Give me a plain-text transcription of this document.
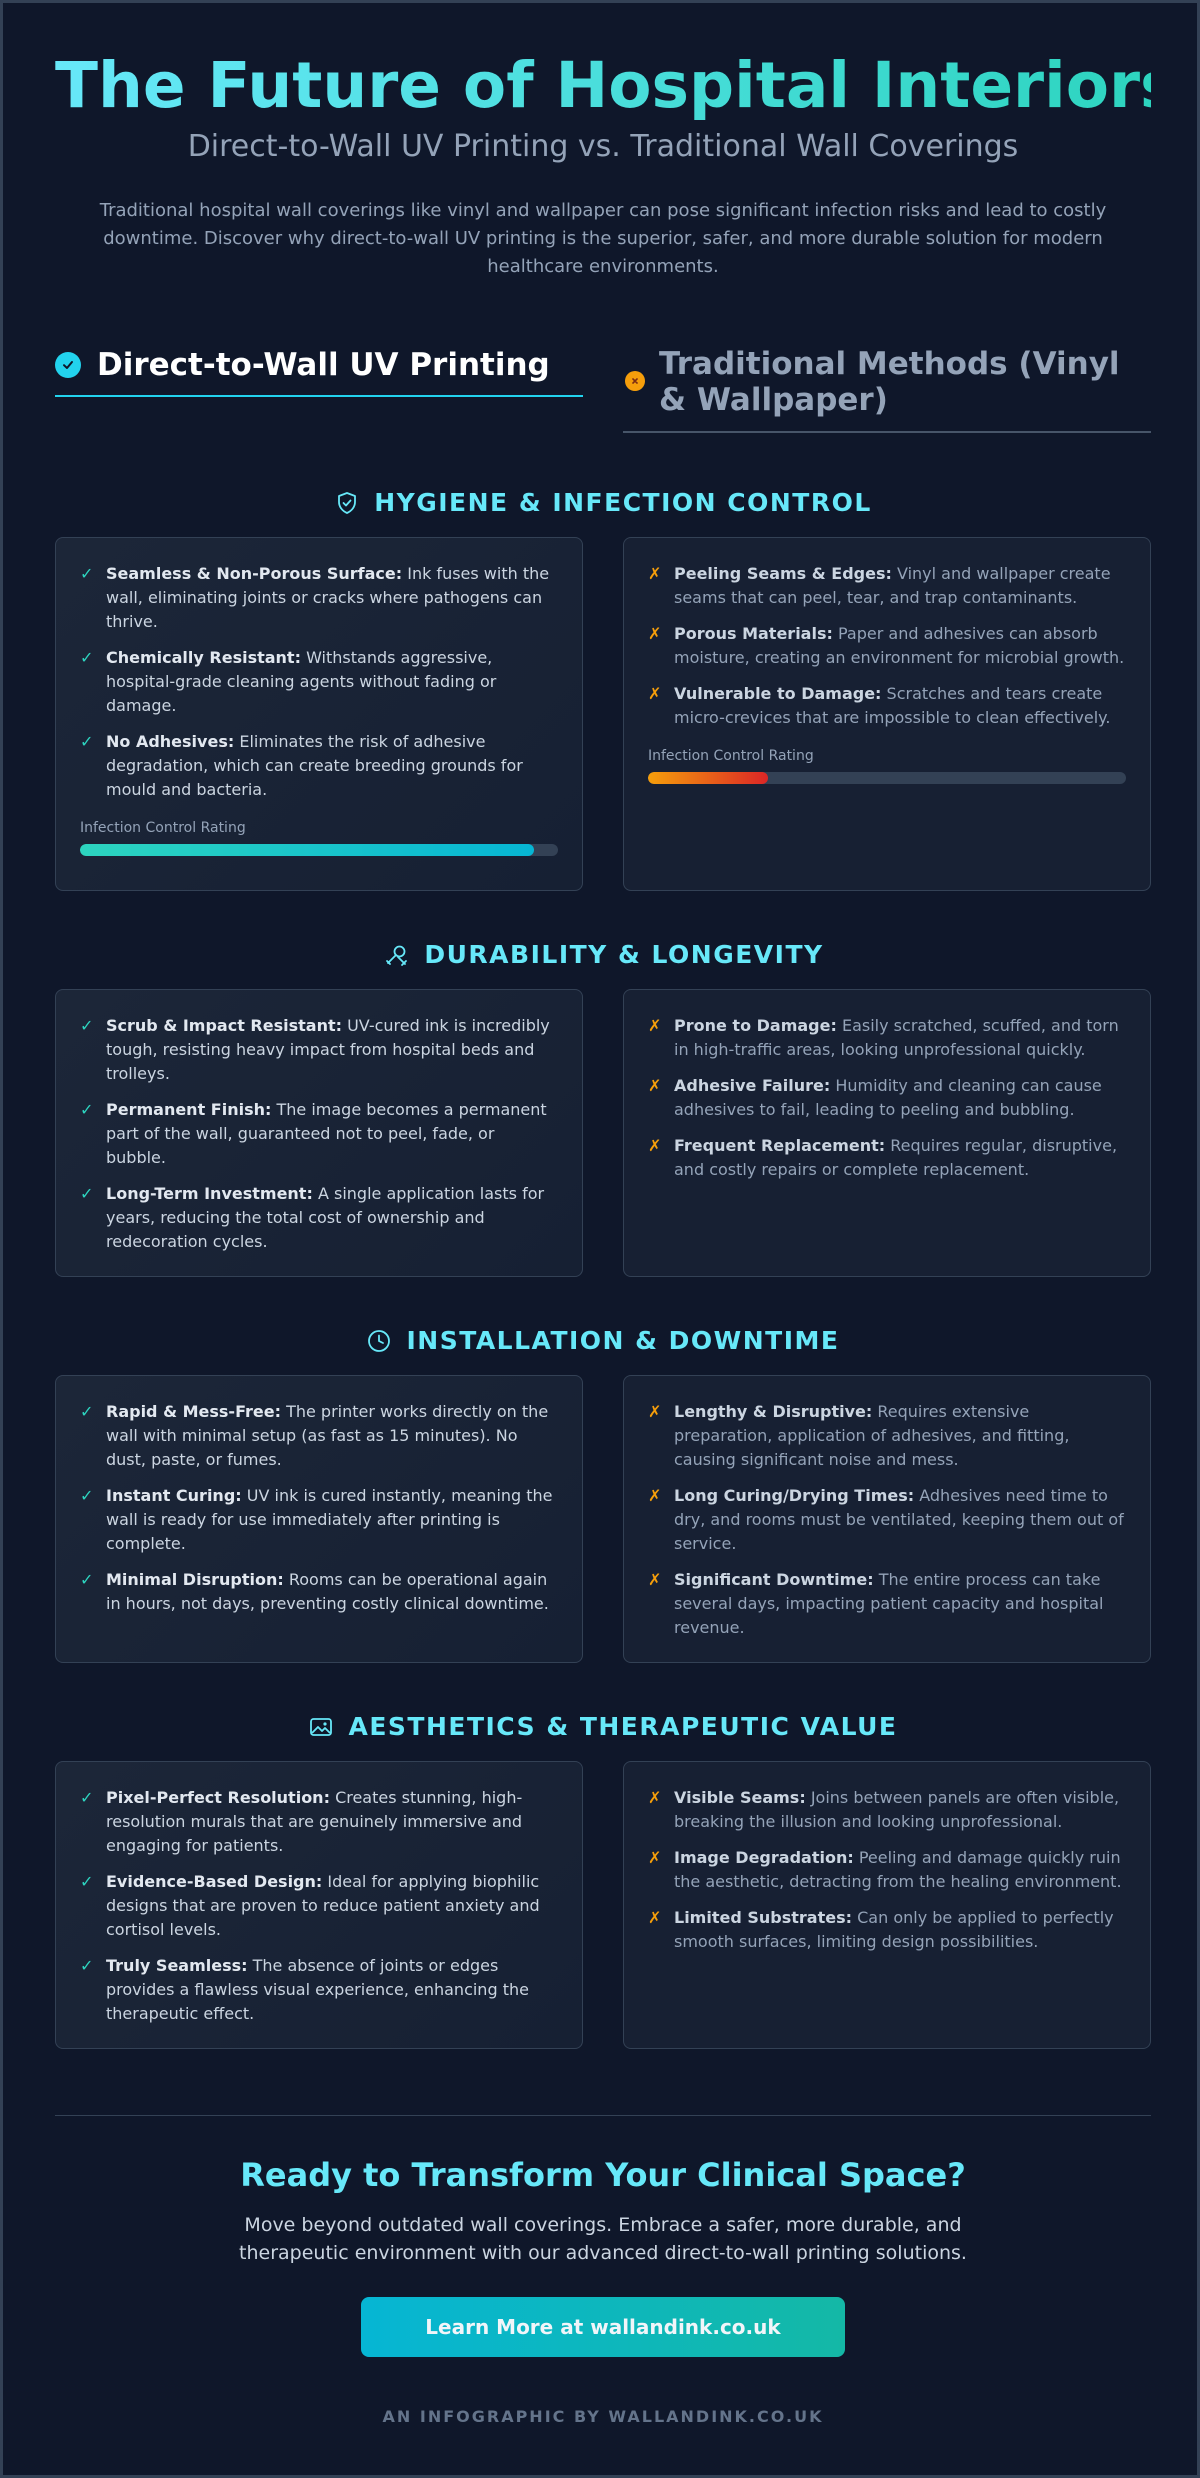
The Future of Hospital Interiors
Direct-to-Wall UV Printing vs. Traditional Wall Coverings

Traditional hospital wall coverings like vinyl and wallpaper can pose significant infection risks and lead to costly downtime. Discover why direct-to-wall UV printing is the superior, safer, and more durable solution for modern healthcare environments.

Direct-to-Wall UV Printing	Traditional Methods (Vinyl & Wallpaper)
HYGIENE & INFECTION CONTROL
✓ Seamless & Non-Porous Surface: Ink fuses with the wall, eliminating joints or cracks where pathogens can thrive.
✓ Chemically Resistant: Withstands aggressive, hospital-grade cleaning agents without fading or damage.
✓ No Adhesives: Eliminates the risk of adhesive degradation, which can create breeding grounds for mould and bacteria.
Infection Control Rating
✗ Peeling Seams & Edges: Vinyl and wallpaper create seams that can peel, tear, and trap contaminants.
✗ Porous Materials: Paper and adhesives can absorb moisture, creating an environment for microbial growth.
✗ Vulnerable to Damage: Scratches and tears create micro-crevices that are impossible to clean effectively.
Infection Control Rating
DURABILITY & LONGEVITY
✓ Scrub & Impact Resistant: UV-cured ink is incredibly tough, resisting heavy impact from hospital beds and trolleys.
✓ Permanent Finish: The image becomes a permanent part of the wall, guaranteed not to peel, fade, or bubble.
✓ Long-Term Investment: A single application lasts for years, reducing the total cost of ownership and redecoration cycles.
✗ Prone to Damage: Easily scratched, scuffed, and torn in high-traffic areas, looking unprofessional quickly.
✗ Adhesive Failure: Humidity and cleaning can cause adhesives to fail, leading to peeling and bubbling.
✗ Frequent Replacement: Requires regular, disruptive, and costly repairs or complete replacement.
INSTALLATION & DOWNTIME
✓ Rapid & Mess-Free: The printer works directly on the wall with minimal setup (as fast as 15 minutes). No dust, paste, or fumes.
✓ Instant Curing: UV ink is cured instantly, meaning the wall is ready for use immediately after printing is complete.
✓ Minimal Disruption: Rooms can be operational again in hours, not days, preventing costly clinical downtime.
✗ Lengthy & Disruptive: Requires extensive preparation, application of adhesives, and fitting, causing significant noise and mess.
✗ Long Curing/Drying Times: Adhesives need time to dry, and rooms must be ventilated, keeping them out of service.
✗ Significant Downtime: The entire process can take several days, impacting patient capacity and hospital revenue.
AESTHETICS & THERAPEUTIC VALUE
✓ Pixel-Perfect Resolution: Creates stunning, high-resolution murals that are genuinely immersive and engaging for patients.
✓ Evidence-Based Design: Ideal for applying biophilic designs that are proven to reduce patient anxiety and cortisol levels.
✓ Truly Seamless: The absence of joints or edges provides a flawless visual experience, enhancing the therapeutic effect.
✗ Visible Seams: Joins between panels are often visible, breaking the illusion and looking unprofessional.
✗ Image Degradation: Peeling and damage quickly ruin the aesthetic, detracting from the healing environment.
✗ Limited Substrates: Can only be applied to perfectly smooth surfaces, limiting design possibilities.
Ready to Transform Your Clinical Space?

Move beyond outdated wall coverings. Embrace a safer, more durable, and therapeutic environment with our advanced direct-to-wall printing solutions.

Learn More at wallandink.co.uk
AN INFOGRAPHIC BY WALLANDINK.CO.UK
